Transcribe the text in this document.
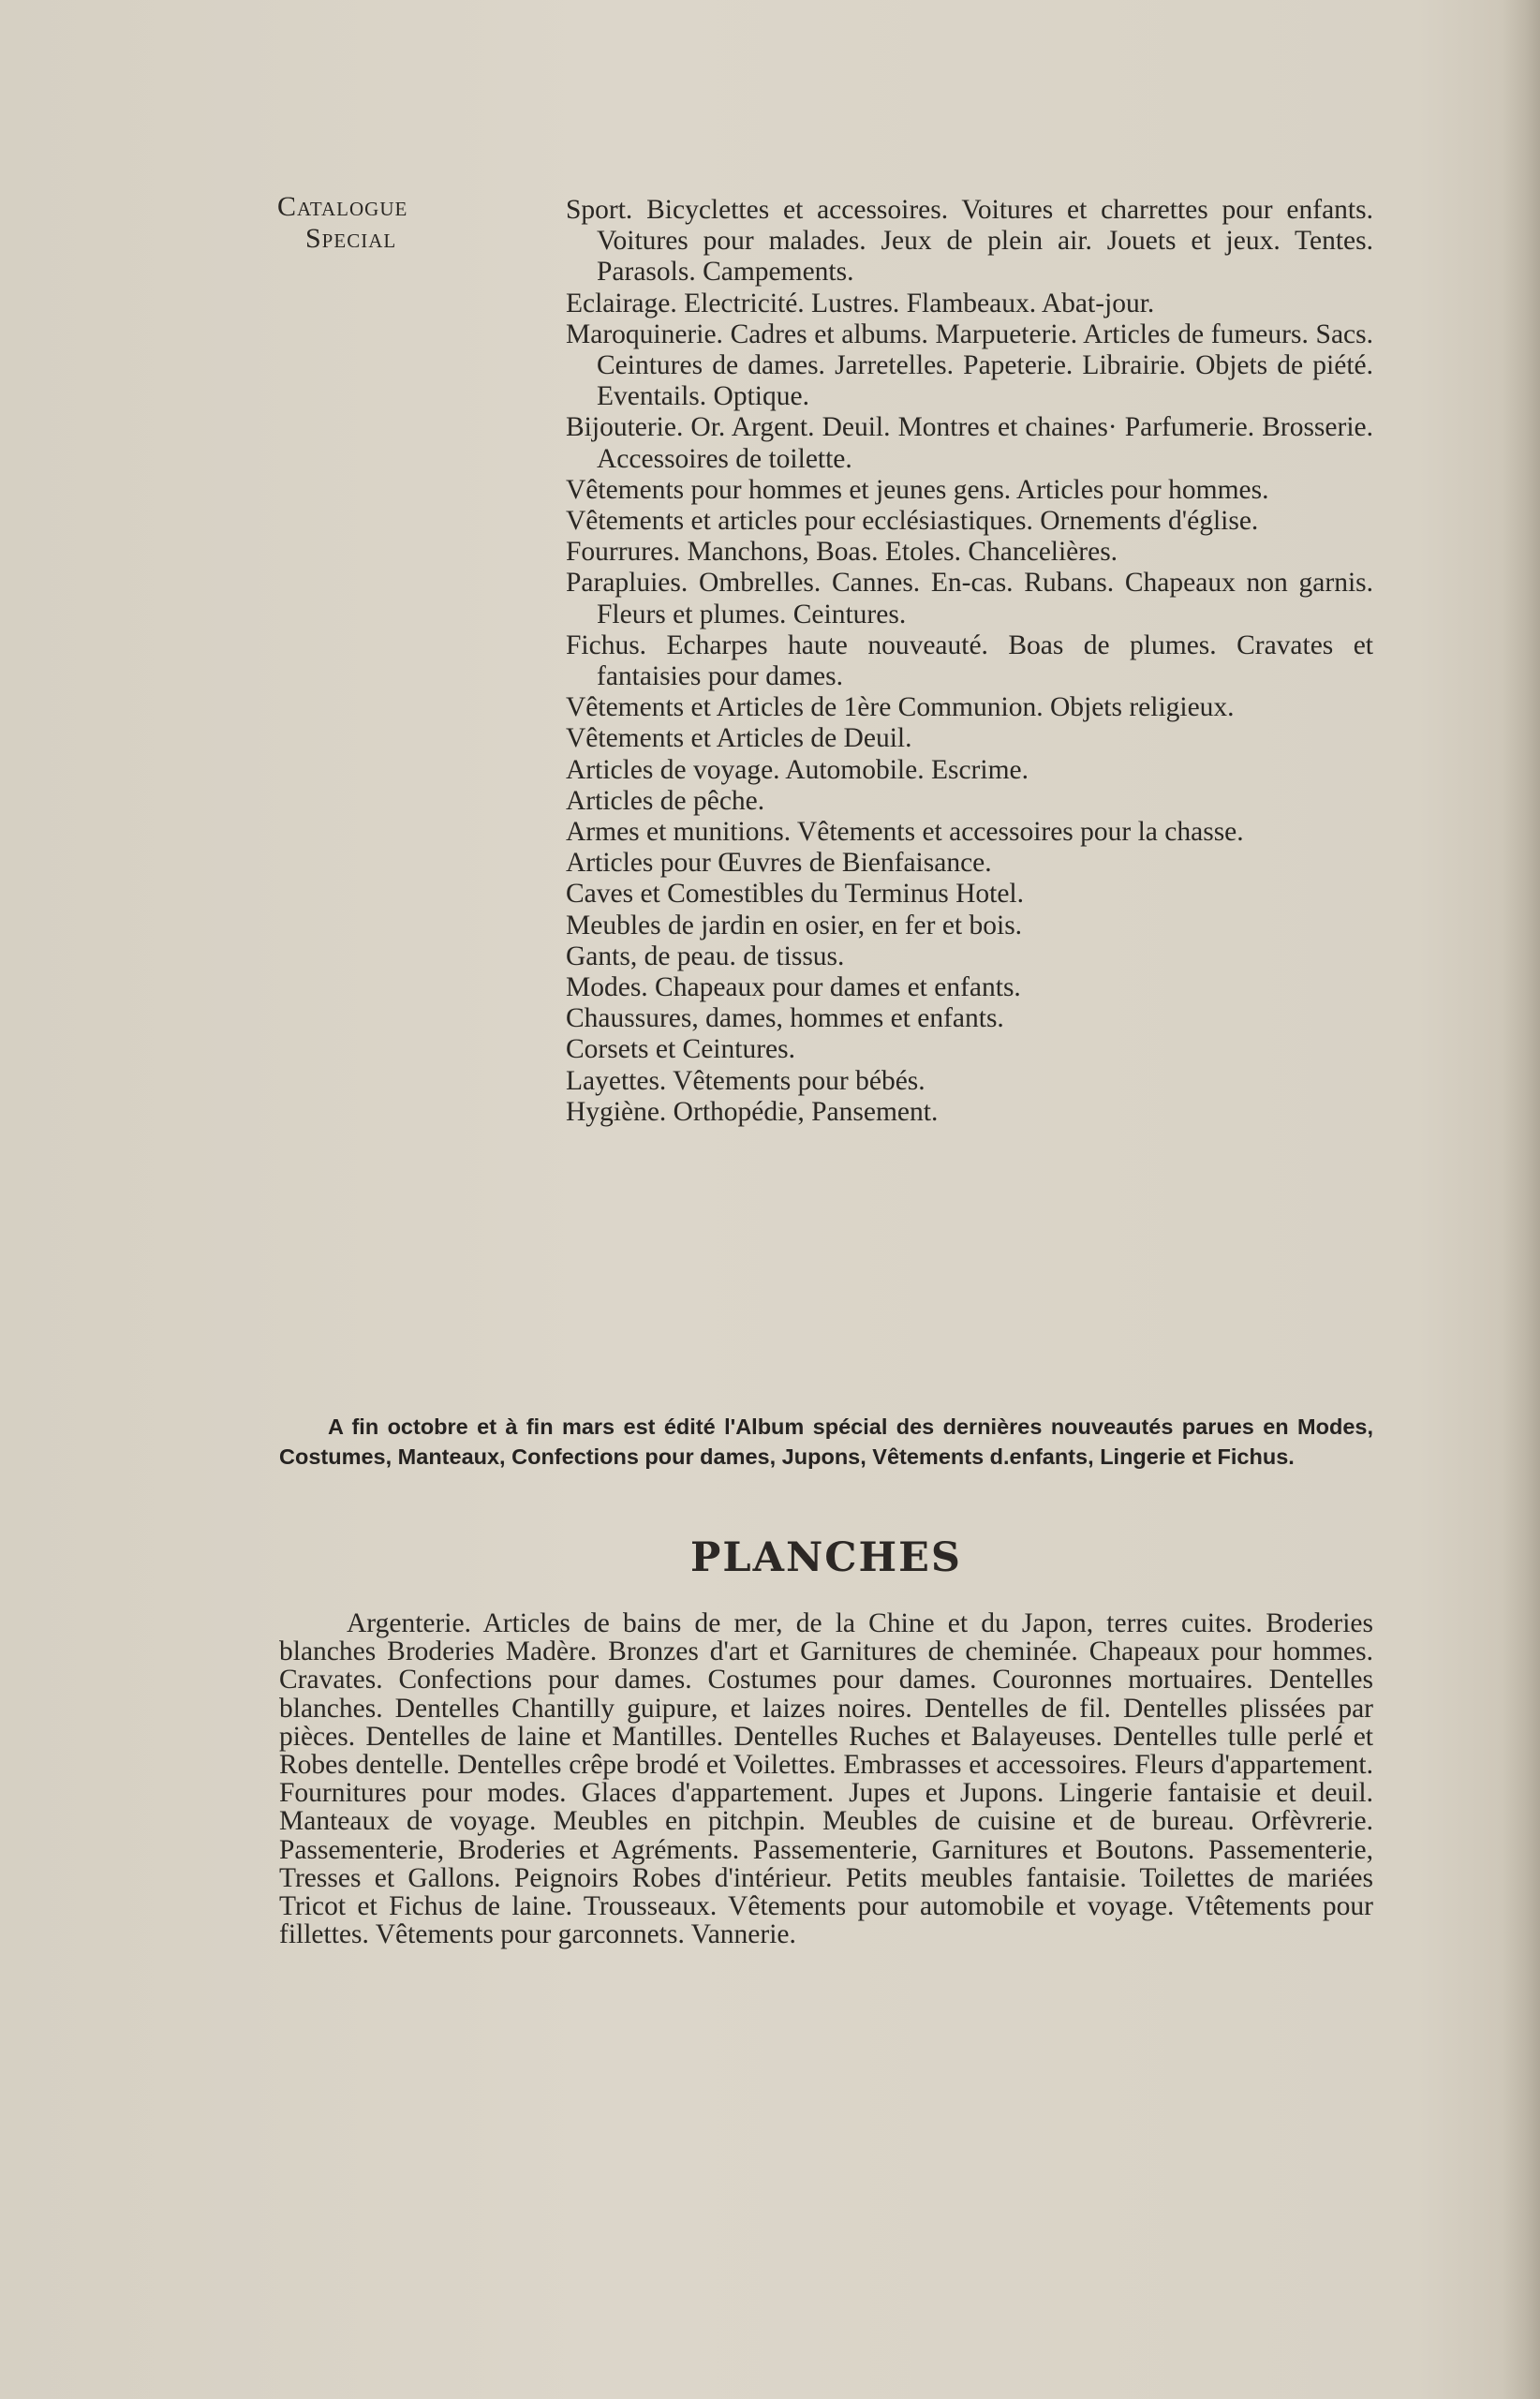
Catalogue
Special
Sport. Bicyclettes et accessoires. Voitures et charrettes pour enfants. Voitures pour malades. Jeux de plein air. Jouets et jeux. Tentes. Parasols. Campements.
Eclairage. Electricité. Lustres. Flambeaux. Abat-jour.
Maroquinerie. Cadres et albums. Marpueterie. Articles de fumeurs. Sacs. Ceintures de dames. Jarretelles. Papeterie. Librairie. Objets de piété. Eventails. Optique.
Bijouterie. Or. Argent. Deuil. Montres et chaines· Parfumerie. Brosserie. Accessoires de toilette.
Vêtements pour hommes et jeunes gens. Articles pour hommes.
Vêtements et articles pour ecclésiastiques. Ornements d'église.
Fourrures. Manchons, Boas. Etoles. Chancelières.
Parapluies. Ombrelles. Cannes. En-cas. Rubans. Chapeaux non garnis. Fleurs et plumes. Ceintures.
Fichus. Echarpes haute nouveauté. Boas de plumes. Cravates et fantaisies pour dames.
Vêtements et Articles de 1ère Communion. Objets religieux.
Vêtements et Articles de Deuil.
Articles de voyage. Automobile. Escrime.
Articles de pêche.
Armes et munitions. Vêtements et accessoires pour la chasse.
Articles pour Œuvres de Bienfaisance.
Caves et Comestibles du Terminus Hotel.
Meubles de jardin en osier, en fer et bois.
Gants, de peau. de tissus.
Modes. Chapeaux pour dames et enfants.
Chaussures, dames, hommes et enfants.
Corsets et Ceintures.
Layettes. Vêtements pour bébés.
Hygiène. Orthopédie, Pansement.

A fin octobre et à fin mars est édité l'Album spécial des dernières nouveautés parues en Modes, Costumes, Manteaux, Confections pour dames, Jupons, Vêtements d.enfants, Lingerie et Fichus.

PLANCHES

Argenterie. Articles de bains de mer, de la Chine et du Japon, terres cuites. Broderies blanches Broderies Madère. Bronzes d'art et Garnitures de cheminée. Chapeaux pour hommes. Cravates. Confections pour dames. Costumes pour dames. Couronnes mortuaires. Dentelles blanches. Dentelles Chantilly guipure, et laizes noires. Dentelles de fil. Dentelles plissées par pièces. Dentelles de laine et Mantilles. Dentelles Ruches et Balayeuses. Dentelles tulle perlé et Robes dentelle. Dentelles crêpe brodé et Voilettes. Embrasses et accessoires. Fleurs d'appartement. Fournitures pour modes. Glaces d'appartement. Jupes et Jupons. Lingerie fantaisie et deuil. Manteaux de voyage. Meubles en pitchpin. Meubles de cuisine et de bureau. Orfèvrerie. Passementerie, Broderies et Agréments. Passementerie, Garnitures et Boutons. Passementerie, Tresses et Gallons. Peignoirs Robes d'intérieur. Petits meubles fantaisie. Toilettes de mariées Tricot et Fichus de laine. Trousseaux. Vêtements pour automobile et voyage. Vtêtements pour fillettes. Vêtements pour garconnets. Vannerie.
